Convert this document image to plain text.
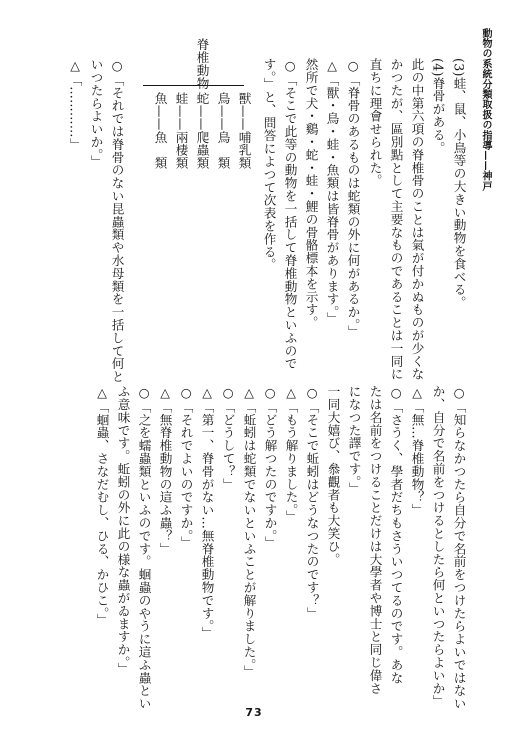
動物の系統分類取扱の指導——神戸
(3)蛙、鼠、小鳥等の大きい動物を食べる。
(4)脊骨がある。
此の中第六項の脊椎骨のことは氣が付かぬものが少くな
かつたが、區別點として主要なものであることは一同に
直ちに理會せられた。
○「脊骨のあるものは蛇類の外に何があるか。」
△「獸・鳥・蛙・魚類は皆脊骨があります。」
然所で犬・鷄・蛇・蛙・鯉の骨骼標本を示す。
○「そこで此等の動物を一括して脊椎動物といふので
す。」と、問答によつて次表を作る。
獸——哺乳類
鳥——鳥　類
蛇——爬蟲類
蛙——兩棲類
魚——魚　類
脊椎動物
○「それでは脊骨のない昆蟲類や水母類を一括して何と
いつたらよいか。」
△「…………」
○「知らなかつたら自分で名前をつけたらよいではない
か、自分で名前をつけるとしたら何といつたらよいか」
△「無…脊椎動物？」
○「さうく、學者だちもさういつてるのです。あな
たは名前をつけることだけは大學者や博士と同じ偉さ
になつた譯です。」
一同大嬉び、叅觀者も大笑ひ。
○「そこで蚯蚓はどうなつたのです？」
△「もう解りました。」
○「どう解つたのですか。」
△「蚯蚓は蛇類でないといふことが解りました。」
○「どうして？」
△「第一、脊骨がない…無脊椎動物です。」
○「それでよいのですか。」
△「無脊椎動物の這ふ蟲？」
○「之を蠕蟲類といふのです。蛔蟲のやうに這ふ蟲とい
ふ意味です。蚯蚓の外に此の様な蟲がゐますか。」
△「蛔蟲、さなだむし、ひる、かひこ。」
73
